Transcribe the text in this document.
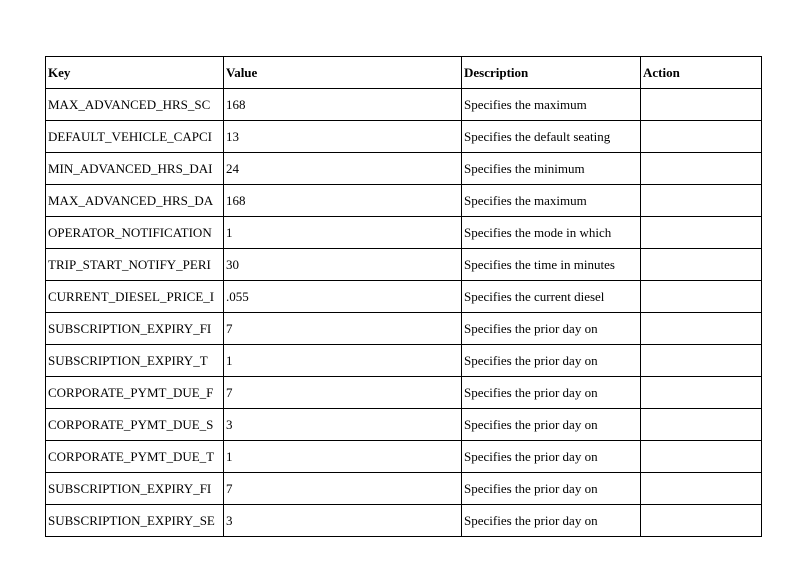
Key	Value	Description	Action
MAX_ADVANCED_HRS_SC	168	Specifies the maximum	
DEFAULT_VEHICLE_CAPCI	13	Specifies the default seating	
MIN_ADVANCED_HRS_DAI	24	Specifies the minimum	
MAX_ADVANCED_HRS_DA	168	Specifies the maximum	
OPERATOR_NOTIFICATION	1	Specifies the mode in which	
TRIP_START_NOTIFY_PERI	30	Specifies the time in minutes	
CURRENT_DIESEL_PRICE_I	.055	Specifies the current diesel	
SUBSCRIPTION_EXPIRY_FI	7	Specifies the prior day on	
SUBSCRIPTION_EXPIRY_T	1	Specifies the prior day on	
CORPORATE_PYMT_DUE_F	7	Specifies the prior day on	
CORPORATE_PYMT_DUE_S	3	Specifies the prior day on	
CORPORATE_PYMT_DUE_T	1	Specifies the prior day on	
SUBSCRIPTION_EXPIRY_FI	7	Specifies the prior day on	
SUBSCRIPTION_EXPIRY_SE	3	Specifies the prior day on	
